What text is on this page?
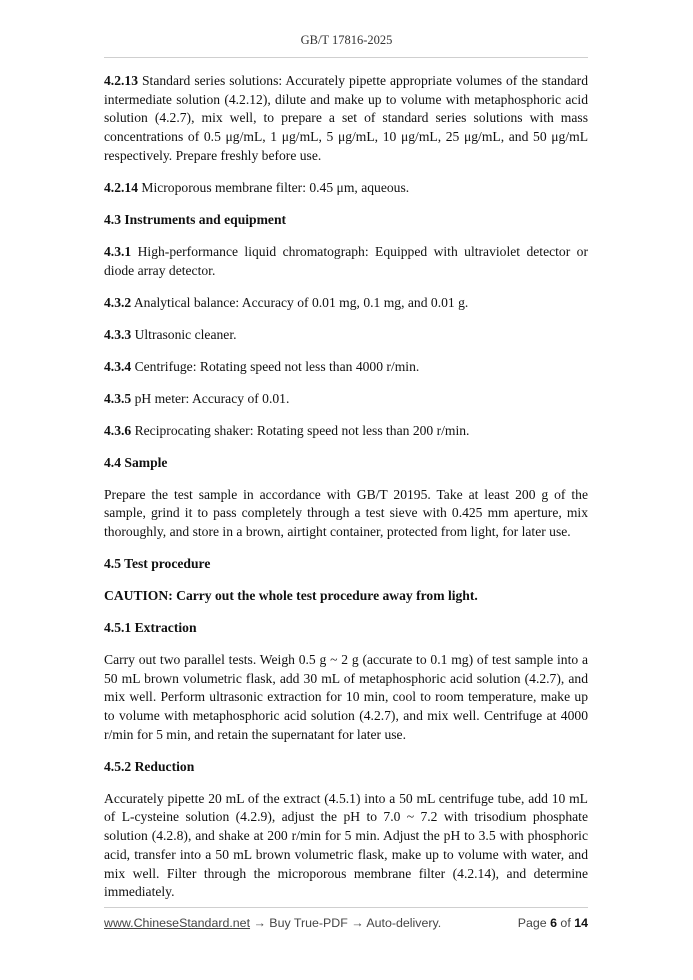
GB/T 17816-2025

4.2.13 Standard series solutions: Accurately pipette appropriate volumes of the standard intermediate solution (4.2.12), dilute and make up to volume with metaphosphoric acid solution (4.2.7), mix well, to prepare a set of standard series solutions with mass concentrations of 0.5 μg/mL, 1 μg/mL, 5 μg/mL, 10 μg/mL, 25 μg/mL, and 50 μg/mL respectively. Prepare freshly before use.

4.2.14 Microporous membrane filter: 0.45 μm, aqueous.

4.3 Instruments and equipment

4.3.1 High-performance liquid chromatograph: Equipped with ultraviolet detector or diode array detector.

4.3.2 Analytical balance: Accuracy of 0.01 mg, 0.1 mg, and 0.01 g.

4.3.3 Ultrasonic cleaner.

4.3.4 Centrifuge: Rotating speed not less than 4000 r/min.

4.3.5 pH meter: Accuracy of 0.01.

4.3.6 Reciprocating shaker: Rotating speed not less than 200 r/min.

4.4 Sample

Prepare the test sample in accordance with GB/T 20195. Take at least 200 g of the sample, grind it to pass completely through a test sieve with 0.425 mm aperture, mix thoroughly, and store in a brown, airtight container, protected from light, for later use.

4.5 Test procedure

CAUTION: Carry out the whole test procedure away from light.

4.5.1 Extraction

Carry out two parallel tests. Weigh 0.5 g ~ 2 g (accurate to 0.1 mg) of test sample into a 50 mL brown volumetric flask, add 30 mL of metaphosphoric acid solution (4.2.7), and mix well. Perform ultrasonic extraction for 10 min, cool to room temperature, make up to volume with metaphosphoric acid solution (4.2.7), and mix well. Centrifuge at 4000 r/min for 5 min, and retain the supernatant for later use.

4.5.2 Reduction

Accurately pipette 20 mL of the extract (4.5.1) into a 50 mL centrifuge tube, add 10 mL of L-cysteine solution (4.2.9), adjust the pH to 7.0 ~ 7.2 with trisodium phosphate solution (4.2.8), and shake at 200 r/min for 5 min. Adjust the pH to 3.5 with phosphoric acid, transfer into a 50 mL brown volumetric flask, make up to volume with water, and mix well. Filter through the microporous membrane filter (4.2.14), and determine immediately.

www.ChineseStandard.net → Buy True-PDF → Auto-delivery.	Page 6 of 14
